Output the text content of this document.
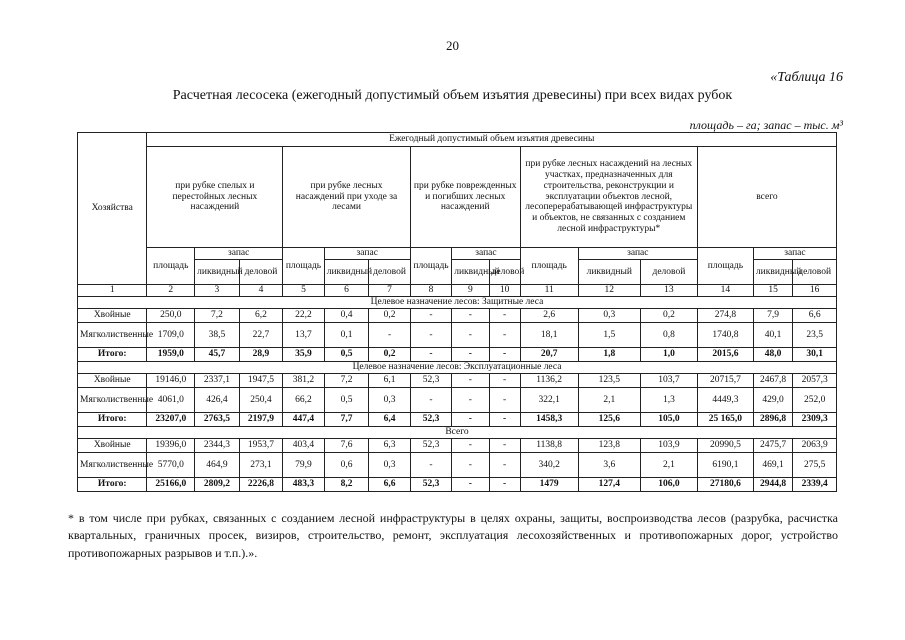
20
«Таблица 16
Расчетная лесосека (ежегодный допустимый объем изъятия древесины) при всех видах рубок
площадь – га; запас – тыс. м³
Хозяйства	Ежегодный допустимый объем изъятия древесины														
	при рубке спелых и перестойных лесных насаждений			при рубке лесных насаждений при уходе за лесами			при рубке поврежденных и погибших лесных насаждений			при рубке лесных насаждений на лесных участках, предназначенных для строительства, реконструкции и эксплуатации объектов лесной, лесоперерабатывающей инфраструктуры и объектов, не связанных с созданием лесной инфраструктуры*			всего		
	площадь	запас		площадь	запас		площадь	запас		площадь	запас		площадь	запас	
		ликвидный	деловой		ликвидный	деловой		ликвидный	деловой		ликвидный	деловой		ликвидный	деловой
1	2	3	4	5	6	7	8	9	10	11	12	13	14	15	16
Целевое назначение лесов: Защитные леса															
Хвойные	250,0	7,2	6,2	22,2	0,4	0,2	-	-	-	2,6	0,3	0,2	274,8	7,9	6,6
Мягколиственные	1709,0	38,5	22,7	13,7	0,1	-	-	-	-	18,1	1,5	0,8	1740,8	40,1	23,5
Итого:	1959,0	45,7	28,9	35,9	0,5	0,2	-	-	-	20,7	1,8	1,0	2015,6	48,0	30,1
Целевое назначение лесов: Эксплуатационные леса															
Хвойные	19146,0	2337,1	1947,5	381,2	7,2	6,1	52,3	-	-	1136,2	123,5	103,7	20715,7	2467,8	2057,3
Мягколиственные	4061,0	426,4	250,4	66,2	0,5	0,3	-	-	-	322,1	2,1	1,3	4449,3	429,0	252,0
Итого:	23207,0	2763,5	2197,9	447,4	7,7	6,4	52,3	-	-	1458,3	125,6	105,0	25 165,0	2896,8	2309,3
Всего															
Хвойные	19396,0	2344,3	1953,7	403,4	7,6	6,3	52,3	-	-	1138,8	123,8	103,9	20990,5	2475,7	2063,9
Мягколиственные	5770,0	464,9	273,1	79,9	0,6	0,3	-	-	-	340,2	3,6	2,1	6190,1	469,1	275,5
Итого:	25166,0	2809,2	2226,8	483,3	8,2	6,6	52,3	-	-	1479	127,4	106,0	27180,6	2944,8	2339,4
* в том числе при рубках, связанных с созданием лесной инфраструктуры в целях охраны, защиты, воспроизводства лесов (разрубка, расчистка квартальных, граничных просек, визиров, строительство, ремонт, эксплуатация лесохозяйственных и противопожарных дорог, устройство противопожарных разрывов и т.п.).».
